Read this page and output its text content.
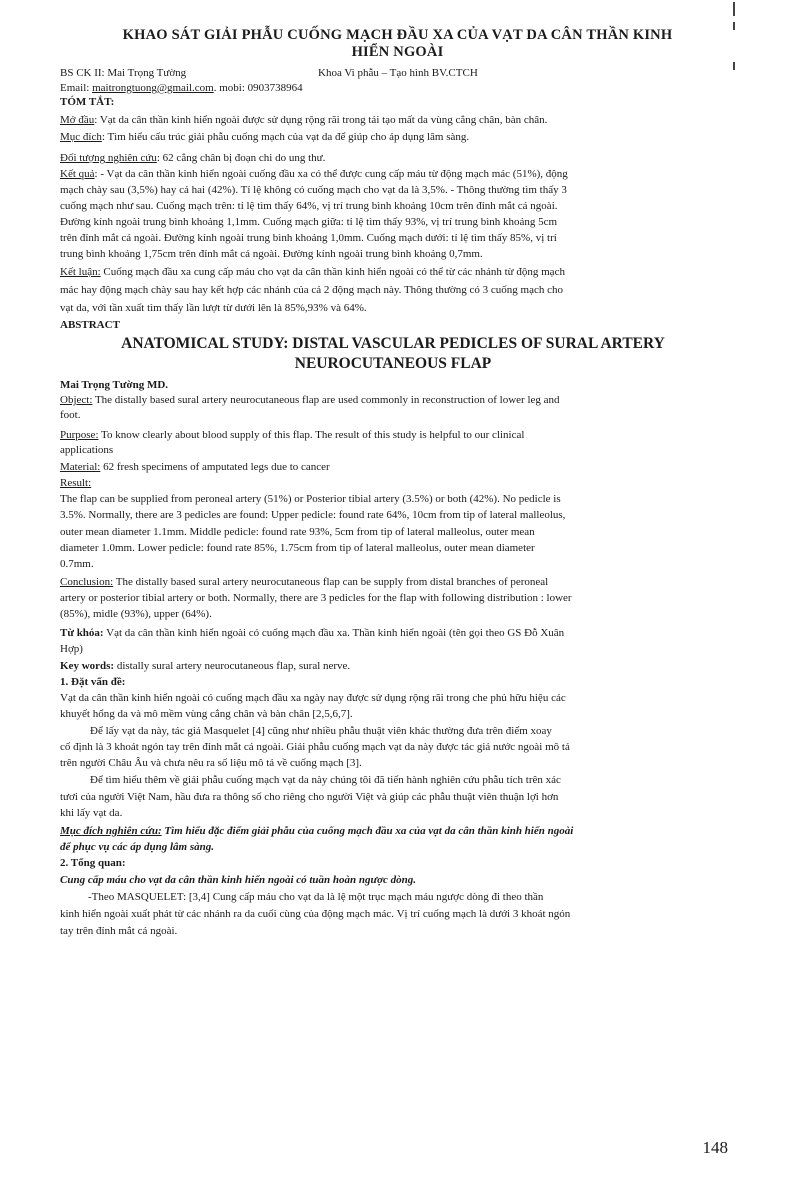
KHAO SÁT GIẢI PHẪU CUỐNG MẠCH ĐẦU XA CỦA VẠT DA CÂN THẦN KINH
HIỂN NGOÀI
BS CK II: Mai Trọng Tường	Khoa Vi phẫu – Tạo hình BV.CTCH
Email: maitrongtuong@gmail.com. mobi: 0903738964
TÓM TẮT:
Mở đầu: Vạt da cân thần kinh hiển ngoài được sử dụng rộng rãi trong tái tạo mất da vùng cẳng chân, bàn chân.
Mục đích: Tìm hiểu cấu trúc giải phẫu cuống mạch của vạt da để giúp cho áp dụng lâm sàng.
Đối tượng nghiên cứu: 62 cẳng chân bị đoạn chi do ung thư.
Kết quả: - Vạt da cân thần kinh hiển ngoài cuống đầu xa có thể được cung cấp máu từ động mạch mác (51%), động
mạch chày sau (3,5%) hay cả hai (42%). Tỉ lệ không có cuống mạch cho vạt da là 3,5%. - Thông thường tìm thấy 3
cuống mạch như sau. Cuống mạch trên: tỉ lệ tìm thấy 64%, vị trí trung bình khoảng 10cm trên đỉnh mắt cá ngoài.
Đường kính ngoài trung bình khoảng 1,1mm. Cuống mạch giữa: tỉ lệ tìm thấy 93%, vị trí trung bình khoảng 5cm
trên đỉnh mắt cá ngoài. Đường kính ngoài trung bình khoảng 1,0mm. Cuống mạch dưới: tỉ lệ tìm thấy 85%, vị trí
trung bình khoảng 1,75cm trên đỉnh mắt cá ngoài. Đường kính ngoài trung bình khoảng 0,7mm.
Kết luận: Cuống mạch đầu xa cung cấp máu cho vạt da cân thần kinh hiển ngoài có thể từ các nhánh từ động mạch
mác hay động mạch chày sau hay kết hợp các nhánh của cả 2 động mạch này. Thông thường có 3 cuống mạch cho
vạt da, với tần xuất tìm thấy lần lượt từ dưới lên là 85%,93% và 64%.
ABSTRACT
ANATOMICAL STUDY: DISTAL VASCULAR PEDICLES OF SURAL ARTERY
NEUROCUTANEOUS FLAP
Mai Trọng Tường MD.
Object: The distally based sural artery neurocutaneous flap are used commonly in reconstruction of lower leg and
foot.
Purpose: To know clearly about blood supply of this flap. The result of this study is helpful to our clinical
applications
Material: 62 fresh specimens of amputated legs due to cancer
Result:
The flap can be supplied from peroneal artery (51%) or Posterior tibial artery (3.5%) or both (42%). No pedicle is
3.5%. Normally, there are 3 pedicles are found: Upper pedicle: found rate 64%, 10cm from tip of lateral malleolus,
outer mean diameter 1.1mm. Middle pedicle: found rate 93%, 5cm from tip of lateral malleolus, outer mean
diameter 1.0mm. Lower pedicle: found rate 85%, 1.75cm from tip of lateral malleolus, outer mean diameter
0.7mm.
Conclusion: The distally based sural artery neurocutaneous flap can be supply from distal branches of peroneal
artery or posterior tibial artery or both. Normally, there are 3 pedicles for the flap with following distribution : lower
(85%), midle (93%), upper (64%).
Từ khóa: Vạt da cân thần kinh hiển ngoài có cuống mạch đầu xa. Thần kinh hiển ngoài (tên gọi theo GS Đỗ Xuân
Hợp)
Key words: distally sural artery neurocutaneous flap, sural nerve.
1. Đặt vấn đề:
Vạt da cân thần kinh hiển ngoài có cuống mạch đầu xa ngày nay được sử dụng rộng rãi trong che phủ hữu hiệu các
khuyết hổng da và mô mềm vùng cẳng chân và bàn chân [2,5,6,7].
Để lấy vạt da này, tác giả Masquelet [4] cũng như nhiều phẫu thuật viên khác thường đưa trên điểm xoay
cố định là 3 khoát ngón tay trên đỉnh mắt cá ngoài. Giải phẫu cuống mạch vạt da này được tác giả nước ngoài mô tả
trên người Châu Âu và chưa nêu ra số liệu mô tả về cuống mạch [3].
Để tìm hiểu thêm về giải phẫu cuống mạch vạt da này chúng tôi đã tiến hành nghiên cứu phẫu tích trên xác
tươi của người Việt Nam, hầu đưa ra thông số cho riêng cho người Việt và giúp các phẫu thuật viên thuận lợi hơn
khi lấy vạt da.
Mục đích nghiên cứu: Tìm hiểu đặc điểm giải phẫu của cuống mạch đầu xa của vạt da cân thần kinh hiển ngoài
để phục vụ các áp dụng lâm sàng.
2. Tổng quan:
Cung cấp máu cho vạt da cân thần kinh hiển ngoài có tuần hoàn ngược dòng.
-Theo MASQUELET: [3,4] Cung cấp máu cho vạt da là lệ một trục mạch máu ngược dòng đi theo thần
kinh hiển ngoài xuất phát từ các nhánh ra da cuối cùng của động mạch mác. Vị trí cuống mạch là dưới 3 khoát ngón
tay trên đỉnh mắt cá ngoài.
148
